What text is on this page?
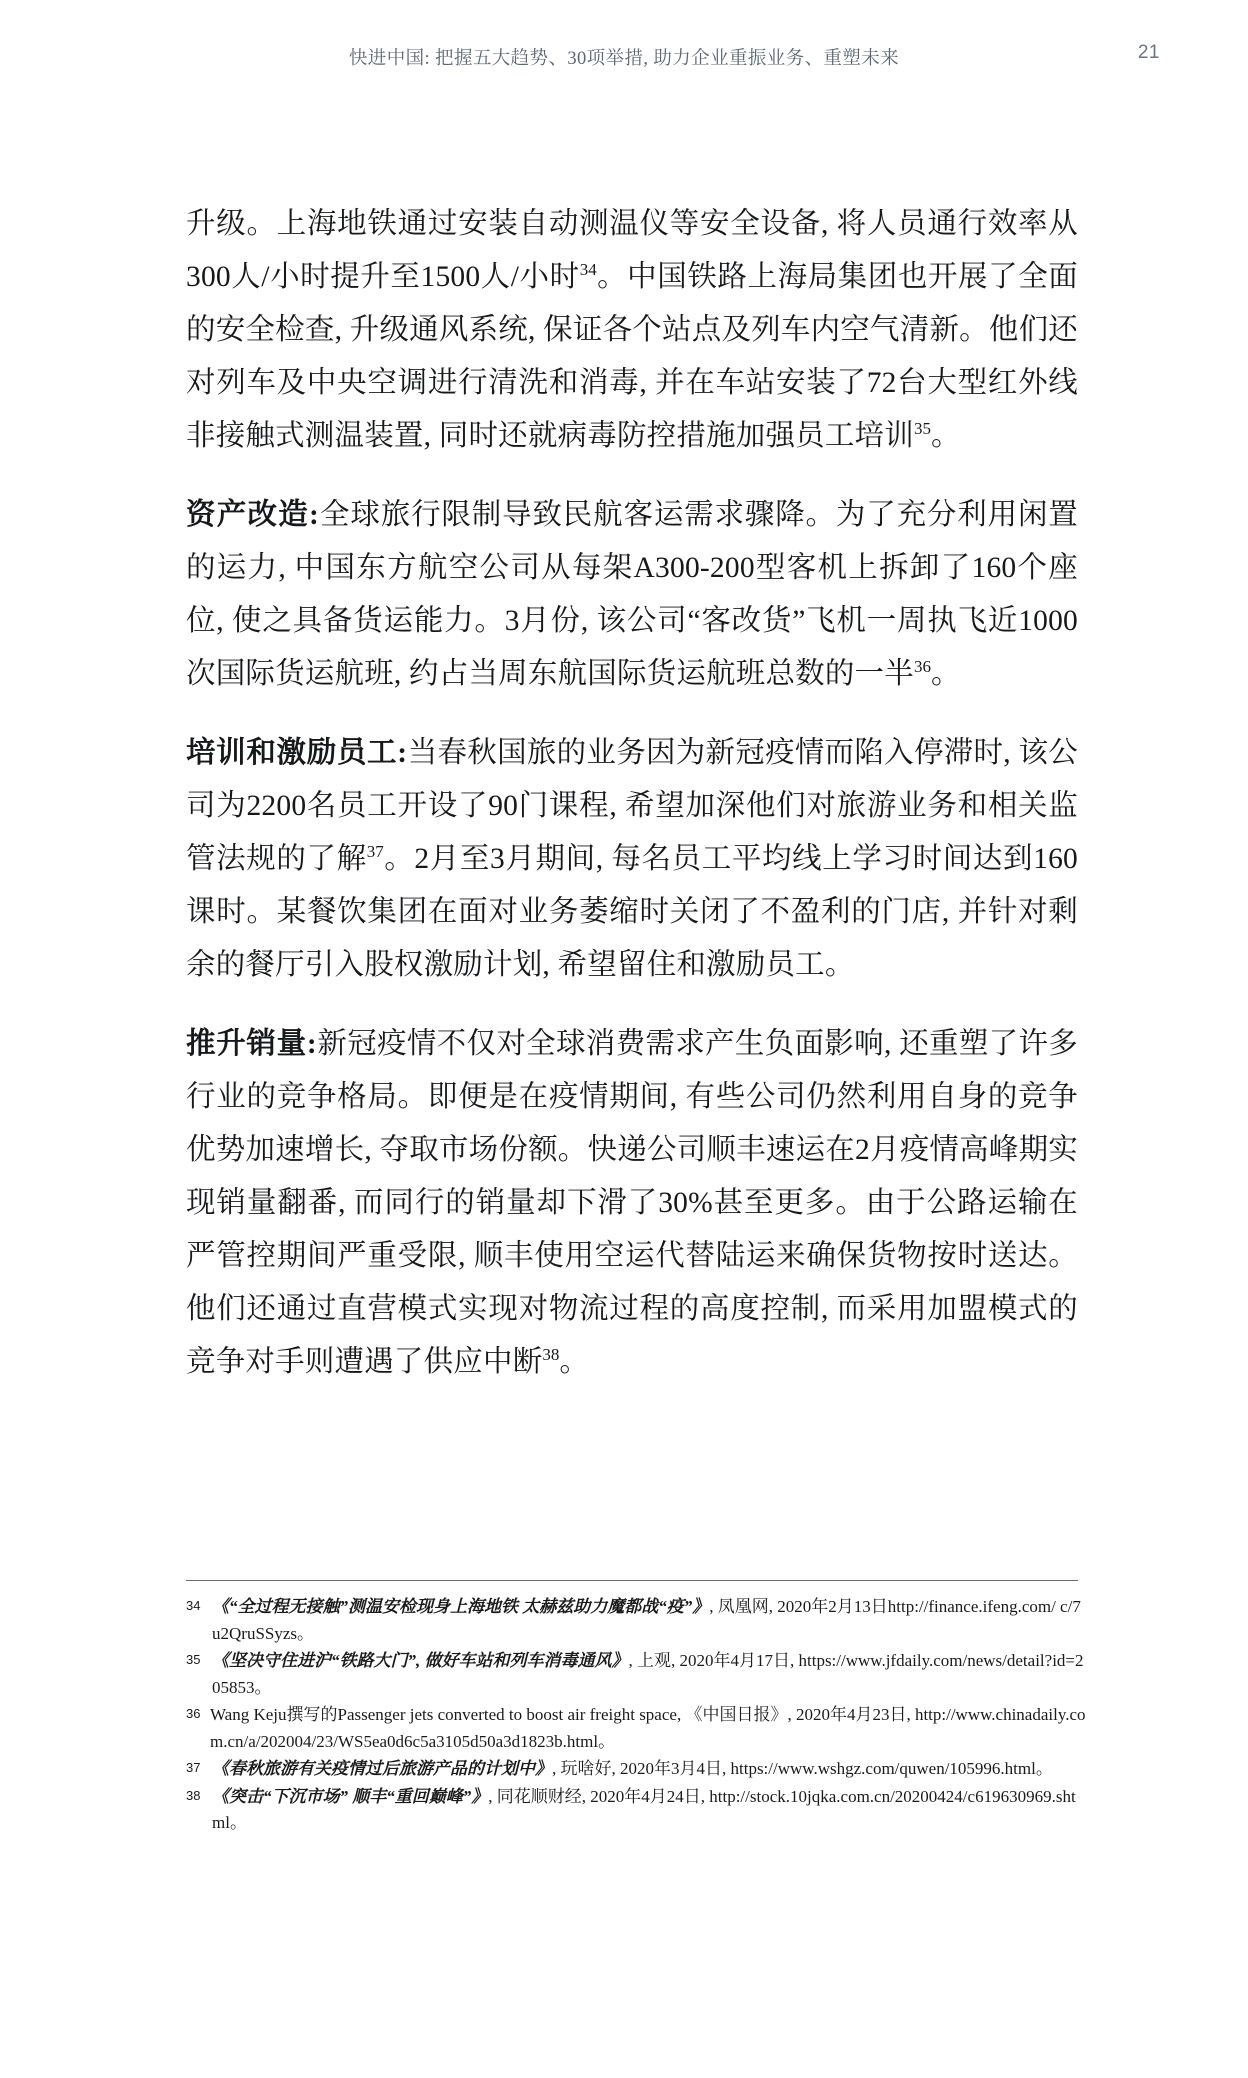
快进中国: 把握五大趋势、30项举措, 助力企业重振业务、重塑未来	21

升级。上海地铁通过安装自动测温仪等安全设备, 将人员通行效率从300人/小时提升至1500人/小时$^{34}$。中国铁路上海局集团也开展了全面的安全检查, 升级通风系统, 保证各个站点及列车内空气清新。他们还对列车及中央空调进行清洗和消毒, 并在车站安装了72台大型红外线非接触式测温装置, 同时还就病毒防控措施加强员工培训$^{35}$。

资产改造:全球旅行限制导致民航客运需求骤降。为了充分利用闲置的运力, 中国东方航空公司从每架A300-200型客机上拆卸了160个座位, 使之具备货运能力。3月份, 该公司“客改货”飞机一周执飞近1000次国际货运航班, 约占当周东航国际货运航班总数的一半$^{36}$。

培训和激励员工:当春秋国旅的业务因为新冠疫情而陷入停滞时, 该公司为2200名员工开设了90门课程, 希望加深他们对旅游业务和相关监管法规的了解$^{37}$。2月至3月期间, 每名员工平均线上学习时间达到160课时。某餐饮集团在面对业务萎缩时关闭了不盈利的门店, 并针对剩余的餐厅引入股权激励计划, 希望留住和激励员工。

推升销量:新冠疫情不仅对全球消费需求产生负面影响, 还重塑了许多行业的竞争格局。即便是在疫情期间, 有些公司仍然利用自身的竞争优势加速增长, 夺取市场份额。快递公司顺丰速运在2月疫情高峰期实现销量翻番, 而同行的销量却下滑了30%甚至更多。由于公路运输在严管控期间严重受限, 顺丰使用空运代替陆运来确保货物按时送达。他们还通过直营模式实现对物流过程的高度控制, 而采用加盟模式的竞争对手则遭遇了供应中断$^{38}$。

34 《“全过程无接触”测温安检现身上海地铁 太赫兹助力魔都战“疫”》, 凤凰网, 2020年2月13日http://finance.ifeng.com/ c/7u2QruSSyzs。
35 《坚决守住进沪“铁路大门”, 做好车站和列车消毒通风》, 上观, 2020年4月17日, https://www.jfdaily.com/news/detail?id=205853。
36 Wang Keju撰写的Passenger jets converted to boost air freight space, 《中国日报》, 2020年4月23日, http://www.chinadaily.com.cn/a/202004/23/WS5ea0d6c5a3105d50a3d1823b.html。
37 《春秋旅游有关疫情过后旅游产品的计划中》, 玩啥好, 2020年3月4日, https://www.wshgz.com/quwen/105996.html。
38 《突击“下沉市场” 顺丰“重回巅峰”》, 同花顺财经, 2020年4月24日, http://stock.10jqka.com.cn/20200424/c619630969.shtml。
